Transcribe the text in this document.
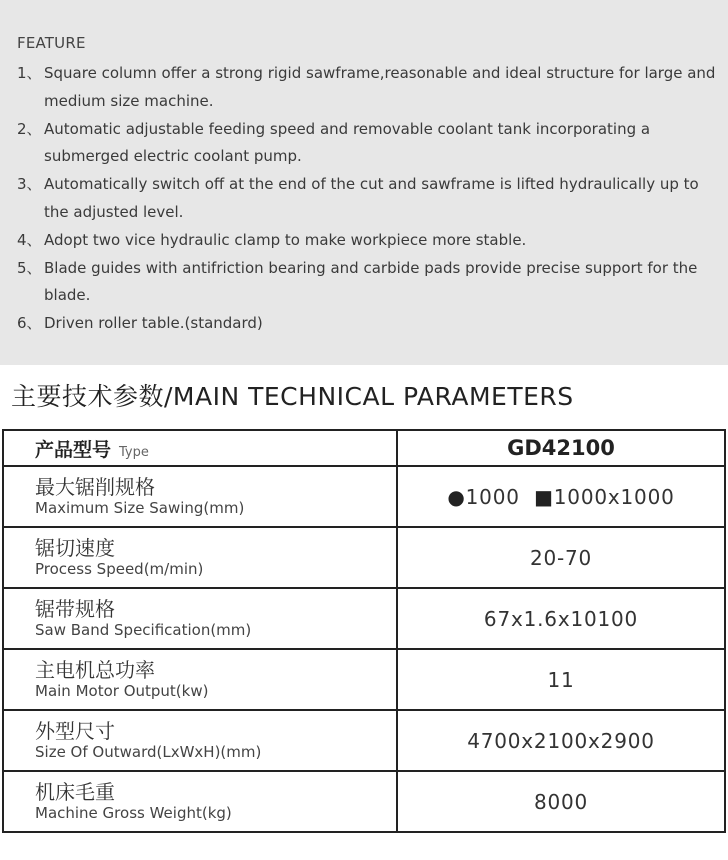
FEATURE
1、 Square column offer a strong rigid sawframe,reasonable and ideal structure for large and medium size machine.
2、 Automatic adjustable feeding speed and removable coolant tank incorporating a submerged electric coolant pump.
3、 Automatically switch off at the end of the cut and sawframe is lifted hydraulically up to the adjusted level.
4、 Adopt two vice hydraulic clamp to make workpiece more stable.
5、 Blade guides with antifriction bearing and carbide pads provide precise support for the blade.
6、 Driven roller table.(standard)
主要技术参数/MAIN TECHNICAL PARAMETERS
产品型号 Type	GD42100

最大锯削规格
Maximum Size Sawing(mm)	●1000 ■1000x1000

锯切速度
Process Speed(m/min)	20-70

锯带规格
Saw Band Specification(mm)	67x1.6x10100

主电机总功率
Main Motor Output(kw)	11

外型尺寸
Size Of Outward(LxWxH)(mm)	4700x2100x2900

机床毛重
Machine Gross Weight(kg)	8000
